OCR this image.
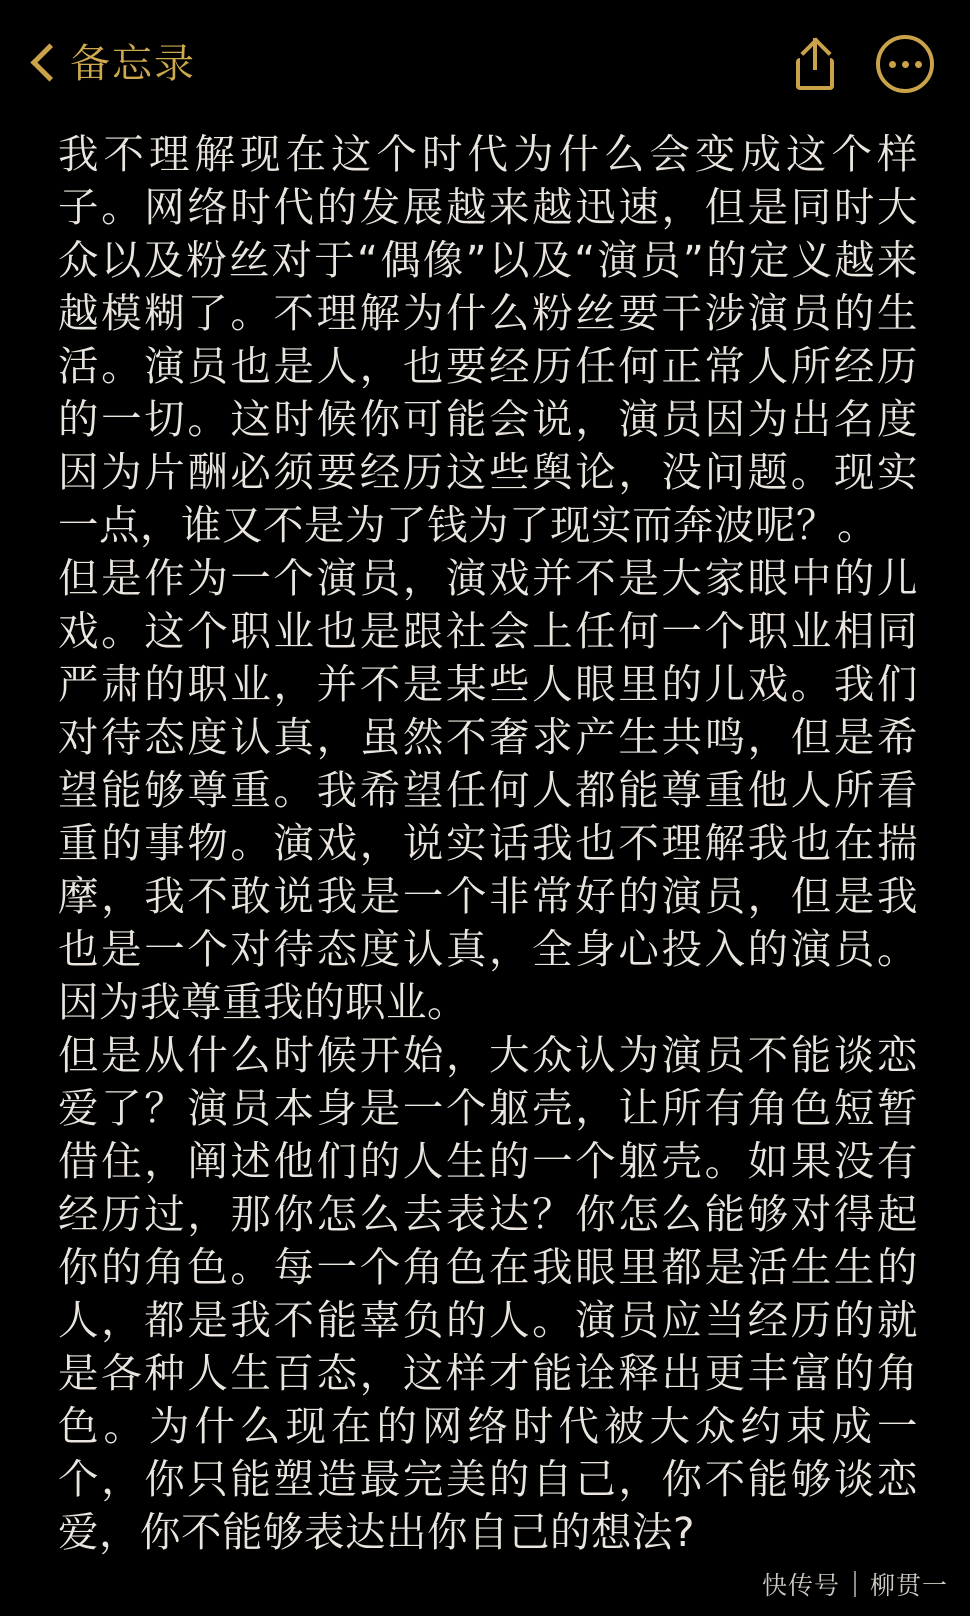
备忘录

我不理解现在这个时代为什么会变成这个样子。网络时代的发展越来越迅速，但是同时大众以及粉丝对于“偶像”以及“演员”的定义越来越模糊了。不理解为什么粉丝要干涉演员的生活。演员也是人，也要经历任何正常人所经历的一切。这时候你可能会说，演员因为出名度因为片酬必须要经历这些舆论，没问题。现实一点，谁又不是为了钱为了现实而奔波呢？。

但是作为一个演员，演戏并不是大家眼中的儿戏。这个职业也是跟社会上任何一个职业相同严肃的职业，并不是某些人眼里的儿戏。我们对待态度认真，虽然不奢求产生共鸣，但是希望能够尊重。我希望任何人都能尊重他人所看重的事物。演戏，说实话我也不理解我也在揣摩，我不敢说我是一个非常好的演员，但是我也是一个对待态度认真，全身心投入的演员。因为我尊重我的职业。

但是从什么时候开始，大众认为演员不能谈恋爱了？演员本身是一个躯壳，让所有角色短暂借住，阐述他们的人生的一个躯壳。如果没有经历过，那你怎么去表达？你怎么能够对得起你的角色。每一个角色在我眼里都是活生生的人，都是我不能辜负的人。演员应当经历的就是各种人生百态，这样才能诠释出更丰富的角色。为什么现在的网络时代被大众约束成一个，你只能塑造最完美的自己，你不能够谈恋爱，你不能够表达出你自己的想法?

快传号 柳贯一
